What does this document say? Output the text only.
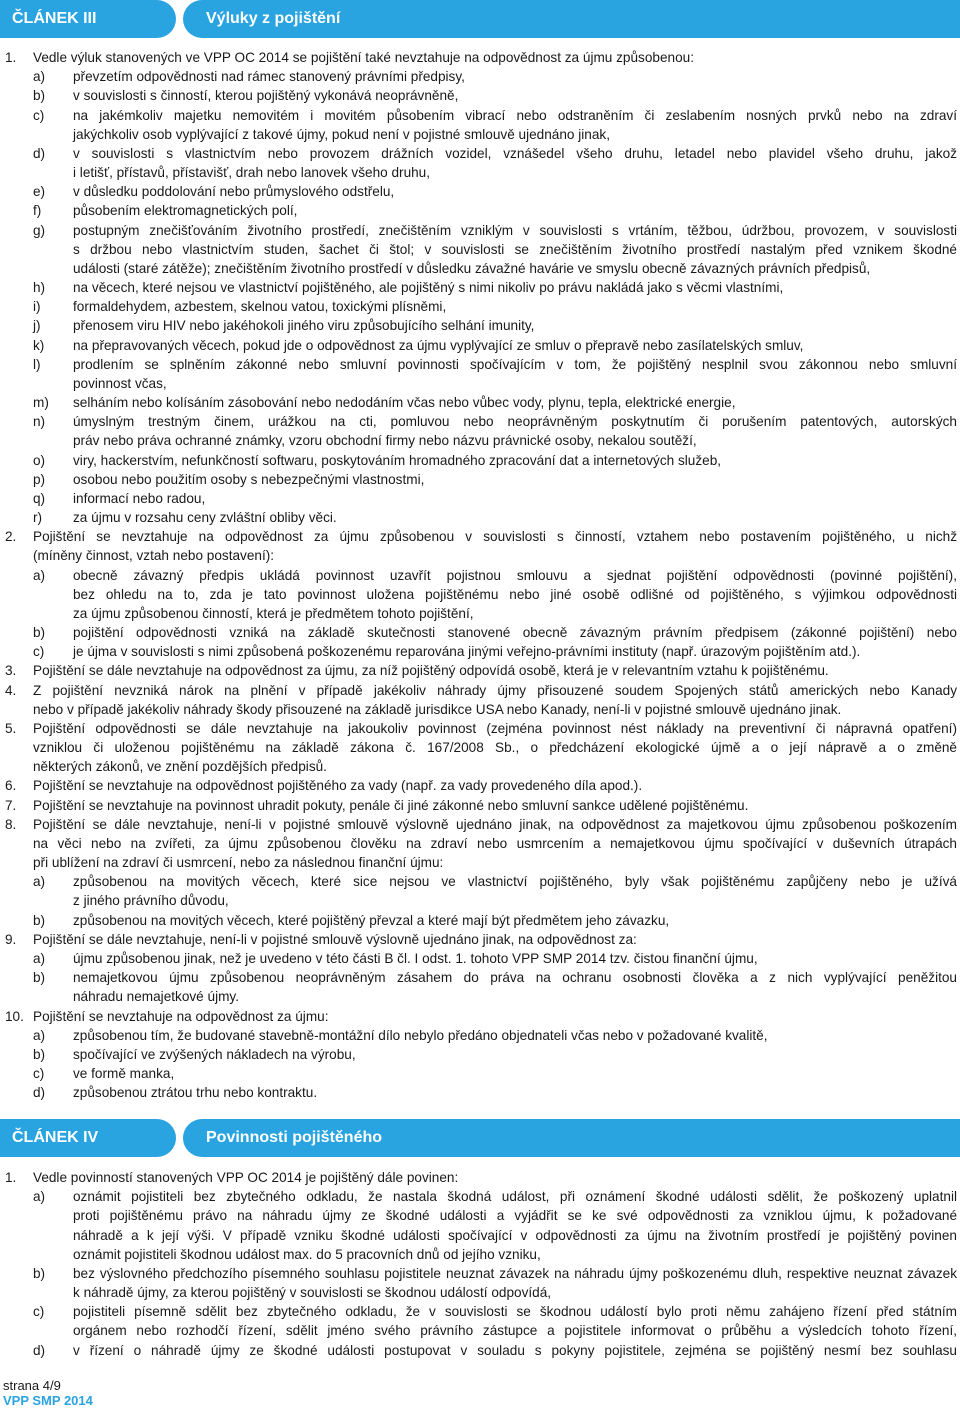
ČLÁNEK III	Výluky z pojištění
1. Vedle výluk stanovených ve VPP OC 2014 se pojištění také nevztahuje na odpovědnost za újmu způsobenou:
a) převzetím odpovědnosti nad rámec stanovený právními předpisy,
b) v souvislosti s činností, kterou pojištěný vykonává neoprávněně,
c) na jakémkoliv majetku nemovitém i movitém působením vibrací nebo odstraněním či zeslabením nosných prvků nebo na zdraví
jakýchkoliv osob vyplývající z takové újmy, pokud není v pojistné smlouvě ujednáno jinak,
d) v souvislosti s vlastnictvím nebo provozem drážních vozidel, vznášedel všeho druhu, letadel nebo plavidel všeho druhu, jakož
i letišť, přístavů, přístavišť, drah nebo lanovek všeho druhu,
e) v důsledku poddolování nebo průmyslového odstřelu,
f) působením elektromagnetických polí,
g) postupným znečišťováním životního prostředí, znečištěním vzniklým v souvislosti s vrtáním, těžbou, údržbou, provozem, v souvislosti
s držbou nebo vlastnictvím studen, šachet či štol; v souvislosti se znečištěním životního prostředí nastalým před vznikem škodné
události (staré zátěže); znečištěním životního prostředí v důsledku závažné havárie ve smyslu obecně závazných právních předpisů,
h) na věcech, které nejsou ve vlastnictví pojištěného, ale pojištěný s nimi nikoliv po právu nakládá jako s věcmi vlastními,
i) formaldehydem, azbestem, skelnou vatou, toxickými plísněmi,
j) přenosem viru HIV nebo jakéhokoli jiného viru způsobujícího selhání imunity,
k) na přepravovaných věcech, pokud jde o odpovědnost za újmu vyplývající ze smluv o přepravě nebo zasílatelských smluv,
l) prodlením se splněním zákonné nebo smluvní povinnosti spočívajícím v tom, že pojištěný nesplnil svou zákonnou nebo smluvní
povinnost včas,
m) selháním nebo kolísáním zásobování nebo nedodáním včas nebo vůbec vody, plynu, tepla, elektrické energie,
n) úmyslným trestným činem, urážkou na cti, pomluvou nebo neoprávněným poskytnutím či porušením patentových, autorských
práv nebo práva ochranné známky, vzoru obchodní firmy nebo názvu právnické osoby, nekalou soutěží,
o) viry, hackerstvím, nefunkčností softwaru, poskytováním hromadného zpracování dat a internetových služeb,
p) osobou nebo použitím osoby s nebezpečnými vlastnostmi,
q) informací nebo radou,
r) za újmu v rozsahu ceny zvláštní obliby věci.
2. Pojištění se nevztahuje na odpovědnost za újmu způsobenou v souvislosti s činností, vztahem nebo postavením pojištěného, u nichž
(míněny činnost, vztah nebo postavení):
a) obecně závazný předpis ukládá povinnost uzavřít pojistnou smlouvu a sjednat pojištění odpovědnosti (povinné pojištění),
bez ohledu na to, zda je tato povinnost uložena pojištěnému nebo jiné osobě odlišné od pojištěného, s výjimkou odpovědnosti
za újmu způsobenou činností, která je předmětem tohoto pojištění,
b) pojištění odpovědnosti vzniká na základě skutečnosti stanovené obecně závazným právním předpisem (zákonné pojištění) nebo
c) je újma v souvislosti s nimi způsobená poškozenému reparována jinými veřejno-právními instituty (např. úrazovým pojištěním atd.).
3. Pojištění se dále nevztahuje na odpovědnost za újmu, za níž pojištěný odpovídá osobě, která je v relevantním vztahu k pojištěnému.
4. Z pojištění nevzniká nárok na plnění v případě jakékoliv náhrady újmy přisouzené soudem Spojených států amerických nebo Kanady
nebo v případě jakékoliv náhrady škody přisouzené na základě jurisdikce USA nebo Kanady, není-li v pojistné smlouvě ujednáno jinak.
5. Pojištění odpovědnosti se dále nevztahuje na jakoukoliv povinnost (zejména povinnost nést náklady na preventivní či nápravná opatření)
vzniklou či uloženou pojištěnému na základě zákona č. 167/2008 Sb., o předcházení ekologické újmě a o její nápravě a o změně
některých zákonů, ve znění pozdějších předpisů.
6. Pojištění se nevztahuje na odpovědnost pojištěného za vady (např. za vady provedeného díla apod.).
7. Pojištění se nevztahuje na povinnost uhradit pokuty, penále či jiné zákonné nebo smluvní sankce udělené pojištěnému.
8. Pojištění se dále nevztahuje, není-li v pojistné smlouvě výslovně ujednáno jinak, na odpovědnost za majetkovou újmu způsobenou poškozením
na věci nebo na zvířeti, za újmu způsobenou člověku na zdraví nebo usmrcením a nemajetkovou újmu spočívající v duševních útrapách
při ublížení na zdraví či usmrcení, nebo za následnou finanční újmu:
a) způsobenou na movitých věcech, které sice nejsou ve vlastnictví pojištěného, byly však pojištěnému zapůjčeny nebo je užívá
z jiného právního důvodu,
b) způsobenou na movitých věcech, které pojištěný převzal a které mají být předmětem jeho závazku,
9. Pojištění se dále nevztahuje, není-li v pojistné smlouvě výslovně ujednáno jinak, na odpovědnost za:
a) újmu způsobenou jinak, než je uvedeno v této části B čl. I odst. 1. tohoto VPP SMP 2014 tzv. čistou finanční újmu,
b) nemajetkovou újmu způsobenou neoprávněným zásahem do práva na ochranu osobnosti člověka a z nich vyplývající peněžitou
náhradu nemajetkové újmy.
10. Pojištění se nevztahuje na odpovědnost za újmu:
a) způsobenou tím, že budované stavebně-montážní dílo nebylo předáno objednateli včas nebo v požadované kvalitě,
b) spočívající ve zvýšených nákladech na výrobu,
c) ve formě manka,
d) způsobenou ztrátou trhu nebo kontraktu.
ČLÁNEK IV	Povinnosti pojištěného
1. Vedle povinností stanovených VPP OC 2014 je pojištěný dále povinen:
a) oznámit pojistiteli bez zbytečného odkladu, že nastala škodná událost, při oznámení škodné události sdělit, že poškozený uplatnil
proti pojištěnému právo na náhradu újmy ze škodné události a vyjádřit se ke své odpovědnosti za vzniklou újmu, k požadované
náhradě a k její výši. V případě vzniku škodné události spočívající v odpovědnosti za újmu na životním prostředí je pojištěný povinen
oznámit pojistiteli škodnou událost max. do 5 pracovních dnů od jejího vzniku,
b) bez výslovného předchozího písemného souhlasu pojistitele neuznat závazek na náhradu újmy poškozenému dluh, respektive neuznat závazek
k náhradě újmy, za kterou pojištěný v souvislosti se škodnou událostí odpovídá,
c) pojistiteli písemně sdělit bez zbytečného odkladu, že v souvislosti se škodnou událostí bylo proti němu zahájeno řízení před státním
orgánem nebo rozhodčí řízení, sdělit jméno svého právního zástupce a pojistitele informovat o průběhu a výsledcích tohoto řízení,
d) v řízení o náhradě újmy ze škodné události postupovat v souladu s pokyny pojistitele, zejména se pojištěný nesmí bez souhlasu
strana 4/9
VPP SMP 2014
